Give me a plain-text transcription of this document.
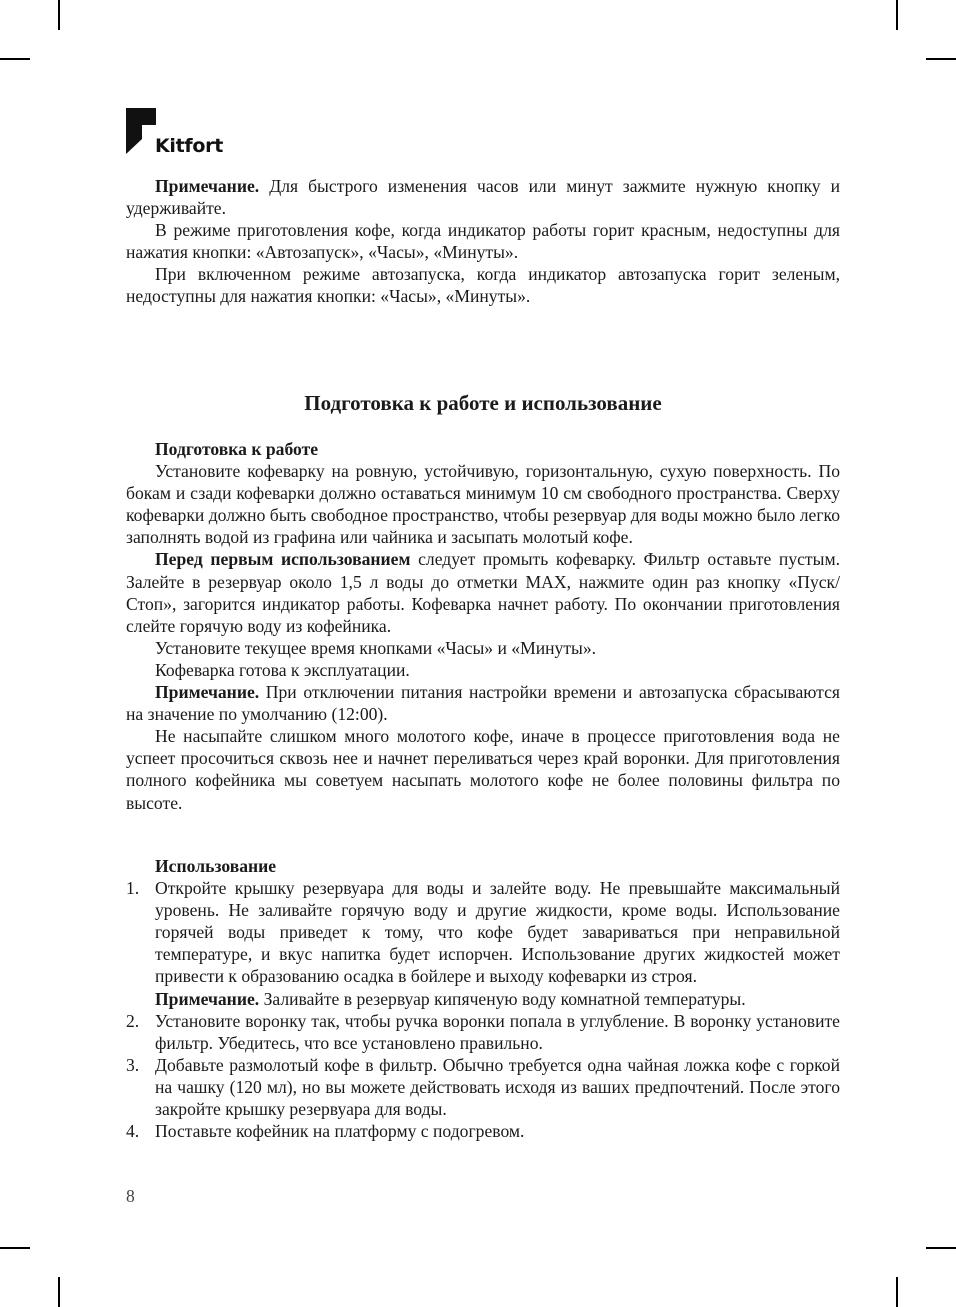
Kitfort

Примечание. Для быстрого изменения часов или минут зажмите нужную кнопку и удерживайте.

В режиме приготовления кофе, когда индикатор работы горит красным, недоступны для нажатия кнопки: «Автозапуск», «Часы», «Минуты».

При включенном режиме автозапуска, когда индикатор автозапуска горит зеленым, недоступны для нажатия кнопки: «Часы», «Минуты».

Подготовка к работе и использование
Подготовка к работе

Установите кофеварку на ровную, устойчивую, горизонтальную, сухую поверхность. По бокам и сзади кофеварки должно оставаться минимум 10 см свободного пространства. Сверху кофеварки должно быть свободное пространство, чтобы резервуар для воды можно было легко заполнять водой из графина или чайника и засыпать молотый кофе.

Перед первым использованием следует промыть кофеварку. Фильтр оставьте пустым. Залейте в резервуар около 1,5 л воды до отметки MAX, нажмите один раз кнопку «Пуск/Стоп», загорится индикатор работы. Кофеварка начнет работу. По окончании приготовления слейте горячую воду из кофейника.

Установите текущее время кнопками «Часы» и «Минуты».

Кофеварка готова к эксплуатации.

Примечание. При отключении питания настройки времени и автозапуска сбрасываются на значение по умолчанию (12:00).

Не насыпайте слишком много молотого кофе, иначе в процессе приготовления вода не успеет просочиться сквозь нее и начнет переливаться через край воронки. Для приготовления полного кофейника мы советуем насыпать молотого кофе не более половины фильтра по высоте.

Использование
1. Откройте крышку резервуара для воды и залейте воду. Не превышайте максимальный уровень. Не заливайте горячую воду и другие жидкости, кроме воды. Использование горячей воды приведет к тому, что кофе будет завариваться при неправильной температуре, и вкус напитка будет испорчен. Использование других жидкостей может привести к образованию осадка в бойлере и выходу кофеварки из строя.
Примечание. Заливайте в резервуар кипяченую воду комнатной температуры.
2. Установите воронку так, чтобы ручка воронки попала в углубление. В воронку установите фильтр. Убедитесь, что все установлено правильно.
3. Добавьте размолотый кофе в фильтр. Обычно требуется одна чайная ложка кофе с горкой на чашку (120 мл), но вы можете действовать исходя из ваших предпочтений. После этого закройте крышку резервуара для воды.
4. Поставьте кофейник на платформу с подогревом.
8
